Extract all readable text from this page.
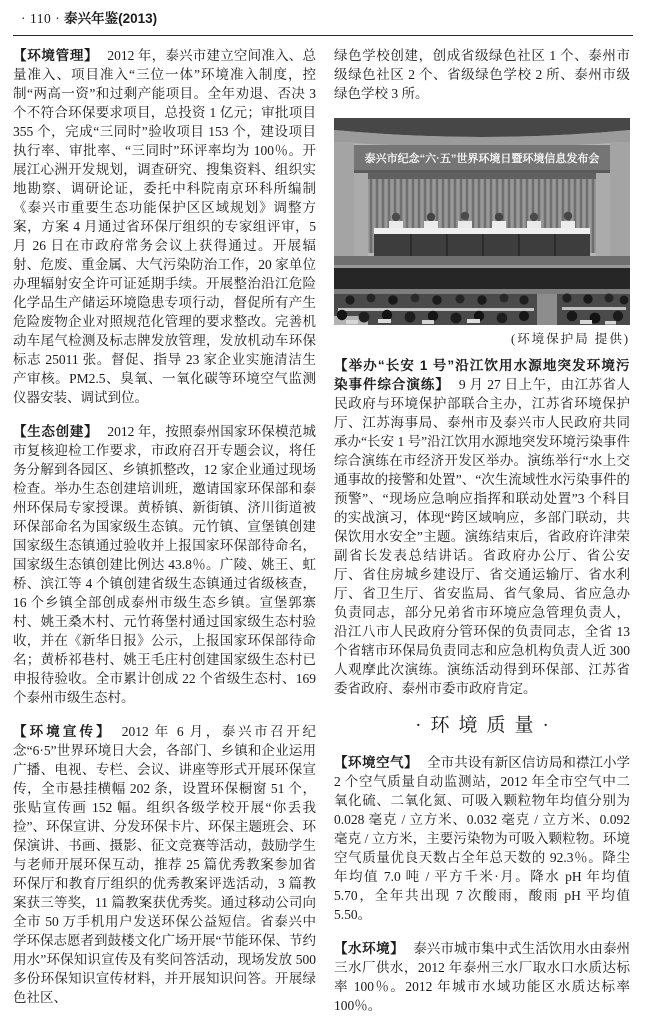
· 110 · 泰兴年鉴(2013)

【环境管理】 2012 年，泰兴市建立空间准入、总量准入、项目准入“三位一体”环境准入制度，控制“两高一资”和过剩产能项目。全年劝退、否决 3 个不符合环保要求项目，总投资 1 亿元；审批项目 355 个，完成“三同时”验收项目 153 个，建设项目执行率、审批率、“三同时”环评率均为 100％。开展江心洲开发规划，调查研究、搜集资料、组织实地勘察、调研论证，委托中科院南京环科所编制《泰兴市重要生态功能保护区区域规划》调整方案，方案 4 月通过省环保厅组织的专家组评审，5 月 26 日在市政府常务会议上获得通过。开展辐射、危废、重金属、大气污染防治工作，20 家单位办理辐射安全许可证延期手续。开展整治沿江危险化学品生产储运环境隐患专项行动，督促所有产生危险废物企业对照规范化管理的要求整改。完善机动车尾气检测及标志牌发放管理，发放机动车环保标志 25011 张。督促、指导 23 家企业实施清洁生产审核。PM2.5、臭氧、一氧化碳等环境空气监测仪器安装、调试到位。

【生态创建】 2012 年，按照泰州国家环保模范城市复核迎检工作要求，市政府召开专题会议，将任务分解到各园区、乡镇抓整改，12 家企业通过现场检查。举办生态创建培训班，邀请国家环保部和泰州环保局专家授课。黄桥镇、新街镇、济川街道被环保部命名为国家级生态镇。元竹镇、宣堡镇创建国家级生态镇通过验收并上报国家环保部待命名，国家级生态镇创建比例达 43.8％。广陵、姚王、虹桥、滨江等 4 个镇创建省级生态镇通过省级核查，16 个乡镇全部创成泰州市级生态乡镇。宣堡郭寨村、姚王桑木村、元竹蒋堡村通过国家级生态村验收，并在《新华日报》公示，上报国家环保部待命名；黄桥祁巷村、姚王毛庄村创建国家级生态村已申报待验收。全市累计创成 22 个省级生态村、169 个泰州市级生态村。

【环境宣传】 2012 年 6 月，泰兴市召开纪念“6·5”世界环境日大会，各部门、乡镇和企业运用广播、电视、专栏、会议、讲座等形式开展环保宣传，全市悬挂横幅 202 条，设置环保橱窗 51 个，张贴宣传画 152 幅。组织各级学校开展“你丢我捡”、环保宣讲、分发环保卡片、环保主题班会、环保演讲、书画、摄影、征文竞赛等活动，鼓励学生与老师开展环保互动，推荐 25 篇优秀教案参加省环保厅和教育厅组织的优秀教案评选活动，3 篇教案获三等奖，11 篇教案获优秀奖。通过移动公司向全市 50 万手机用户发送环保公益短信。省泰兴中学环保志愿者到鼓楼文化广场开展“节能环保、节约用水”环保知识宣传及有奖问答活动，现场发放 500 多份环保知识宣传材料，并开展知识问答。开展绿色社区、

绿色学校创建，创成省级绿色社区 1 个、泰州市级绿色社区 2 个、省级绿色学校 2 所、泰州市级绿色学校 3 所。

泰兴市纪念“六·五”世界环境日暨环境信息发布会
(环境保护局 提供)

【举办“长安 1 号”沿江饮用水源地突发环境污染事件综合演练】 9 月 27 日上午，由江苏省人民政府与环境保护部联合主办，江苏省环境保护厅、江苏海事局、泰州市及泰兴市人民政府共同承办“长安 1 号”沿江饮用水源地突发环境污染事件综合演练在市经济开发区举办。演练举行“水上交通事故的接警和处置”、“次生流域性水污染事件的预警”、“现场应急响应指挥和联动处置”3 个科目的实战演习，体现“跨区域响应，多部门联动，共保饮用水安全”主题。演练结束后，省政府许津荣副省长发表总结讲话。省政府办公厅、省公安厅、省住房城乡建设厅、省交通运输厅、省水利厅、省卫生厅、省安监局、省气象局、省应急办负责同志，部分兄弟省市环境应急管理负责人，沿江八市人民政府分管环保的负责同志，全省 13 个省辖市环保局负责同志和应急机构负责人近 300 人观摩此次演练。演练活动得到环保部、江苏省委省政府、泰州市委市政府肯定。

·环境质量·

【环境空气】 全市共设有新区信访局和襟江小学 2 个空气质量自动监测站，2012 年全市空气中二氧化硫、二氧化氮、可吸入颗粒物年均值分别为 0.028 毫克 / 立方米、0.032 毫克 / 立方米、0.092 毫克 / 立方米，主要污染物为可吸入颗粒物。环境空气质量优良天数占全年总天数的 92.3％。降尘年均值 7.0 吨 / 平方千米·月。降水 pH 年均值 5.70，全年共出现 7 次酸雨，酸雨 pH 平均值 5.50。

【水环境】 泰兴市城市集中式生活饮用水由泰州三水厂供水，2012 年泰州三水厂取水口水质达标率 100％。2012 年城市水域功能区水质达标率 100％。
